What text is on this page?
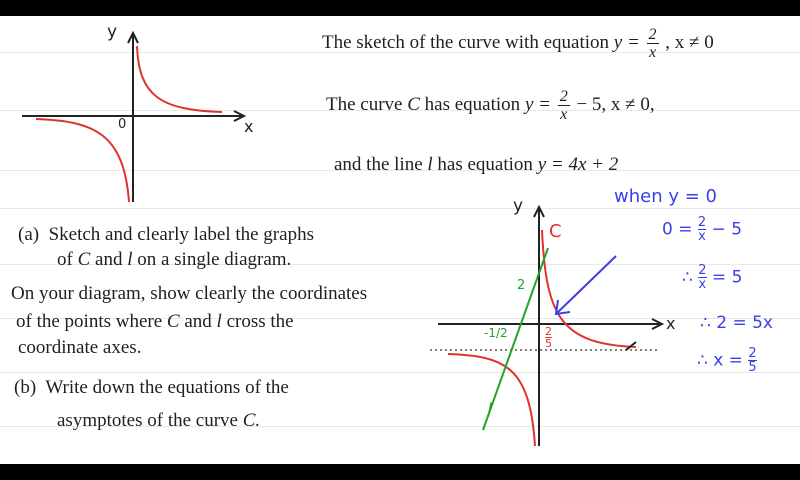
y
x
0
The sketch of the curve with equation $y = \frac{2}{x}$ , x ≠ 0
The curve C has equation $y = \frac{2}{x} - 5$, x ≠ 0,
and the line l has equation y = 4x + 2
(a) Sketch and clearly label the graphs
of C and l on a single diagram.
On your diagram, show clearly the coordinates
of the points where C and l cross the
coordinate axes.
(b) Write down the equations of the
asymptotes of the curve C.
y
x
C
l
2
-1/2	2
5
when y = 0
$0 = \frac{2}{x} - 5$
∴ $\frac{2}{x} = 5$
∴ 2 = 5x
∴ $x = \frac{2}{5}$
